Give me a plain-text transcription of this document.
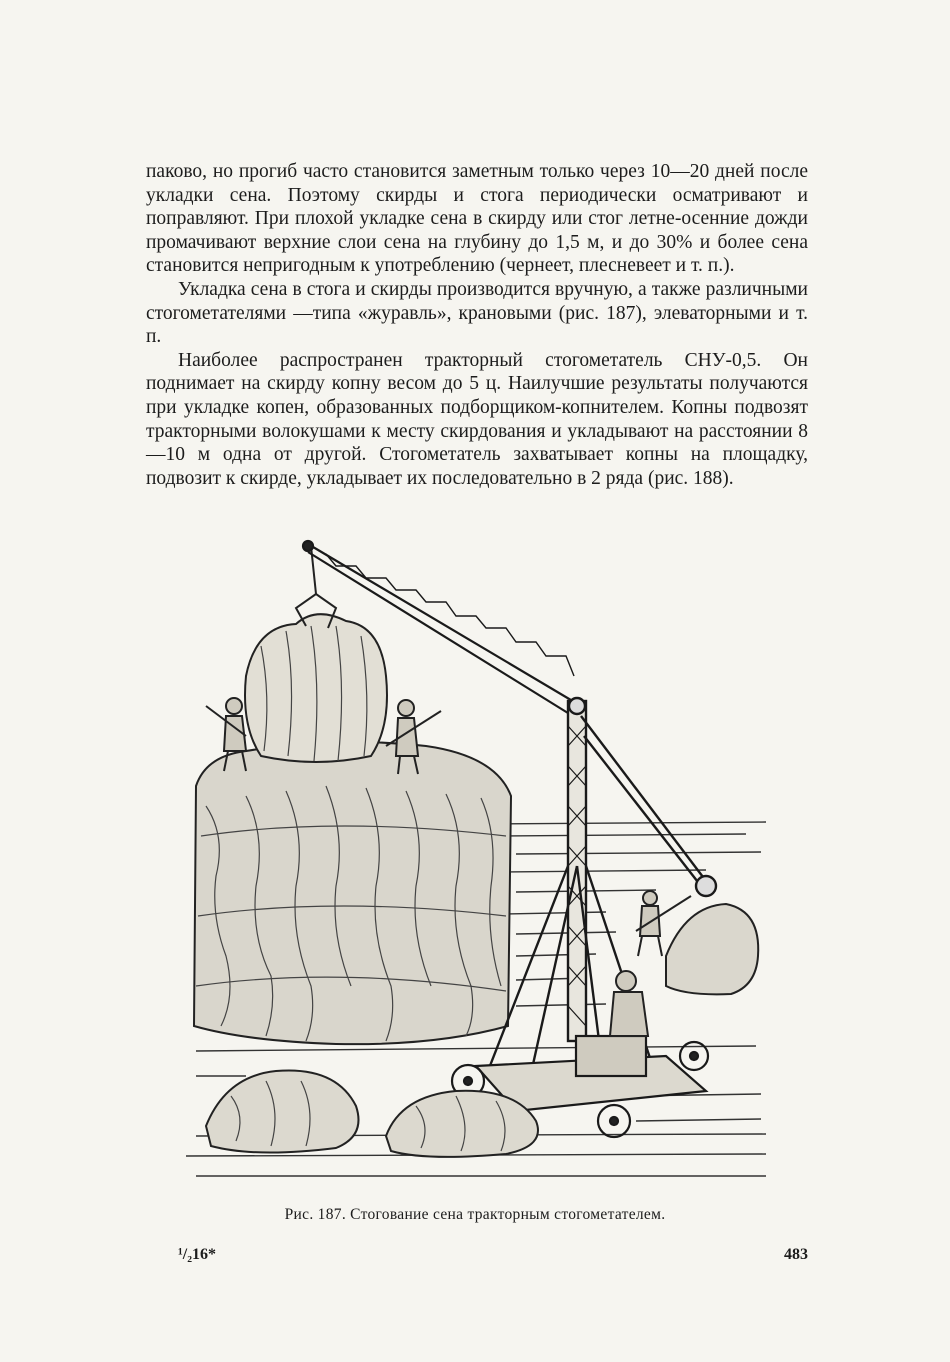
паково, но прогиб часто становится заметным только через 10—20 дней после укладки сена. Поэтому скирды и стога периодически осматривают и поправляют. При плохой укладке сена в скирду или стог летне-осенние дожди промачивают верхние слои сена на глубину до 1,5 м, и до 30% и более сена становится непригодным к употреблению (чернеет, плесневеет и т. п.).

Укладка сена в стога и скирды производится вручную, а также различными стогометателями —типа «журавль», крановыми (рис. 187), элеваторными и т. п.

Наиболее распространен тракторный стогометатель СНУ-0,5. Он поднимает на скирду копну весом до 5 ц. Наилучшие результаты получаются при укладке копен, образованных подборщиком-копнителем. Копны подвозят тракторными волокушами к месту скирдования и укладывают на расстоянии 8—10 м одна от другой. Стогометатель захватывает копны на площадку, подвозит к скирде, укладывает их последовательно в 2 ряда (рис. 188).

Рис. 187. Стогование сена тракторным стогометателем.
¹/₂16*	483
